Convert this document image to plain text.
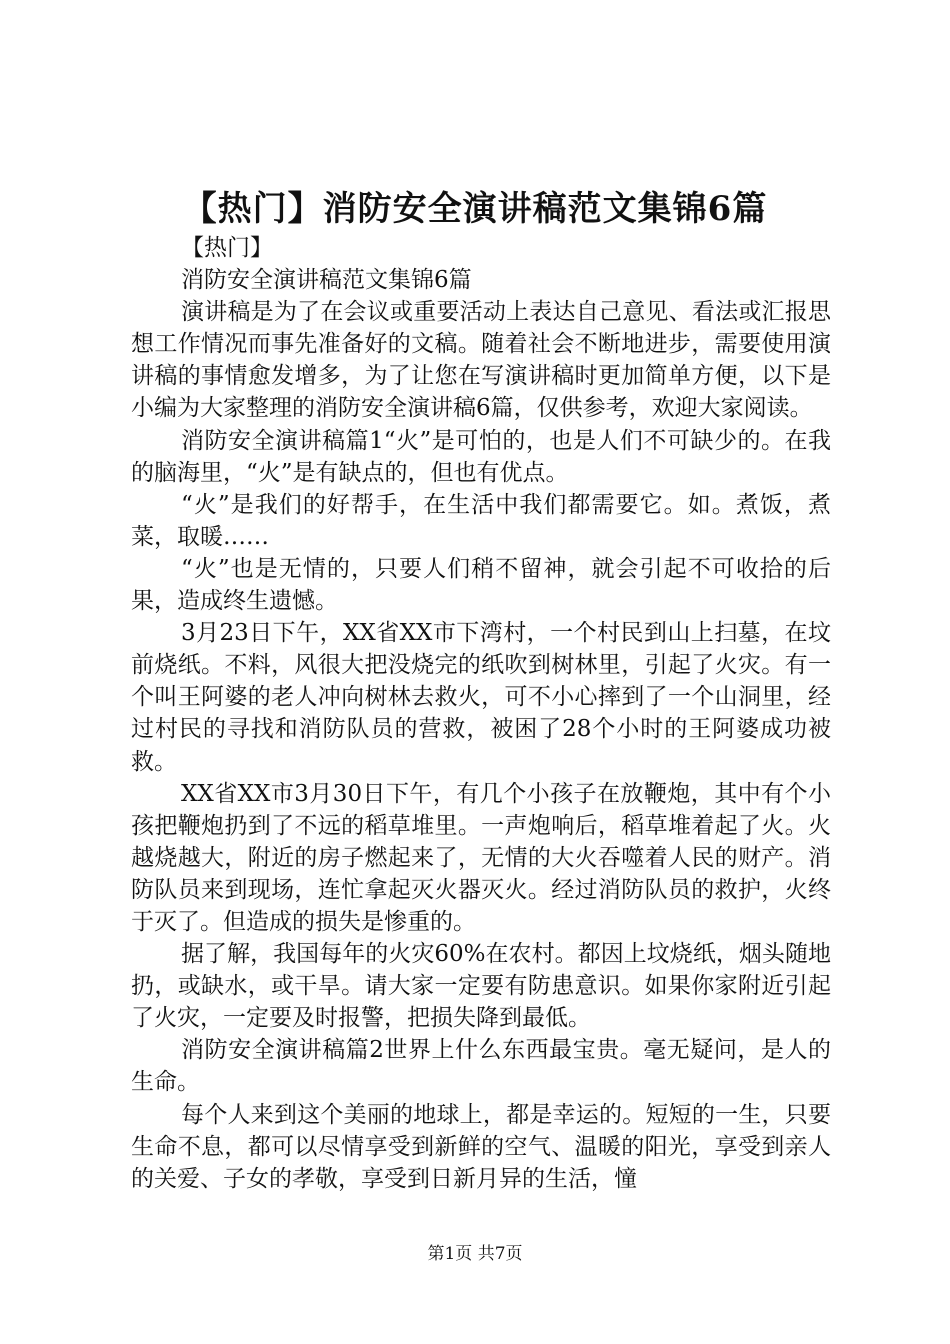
【热门】消防安全演讲稿范文集锦6篇

【热门】

消防安全演讲稿范文集锦6篇

演讲稿是为了在会议或重要活动上表达自己意见、看法或汇报思想工作情况而事先准备好的文稿。随着社会不断地进步，需要使用演讲稿的事情愈发增多，为了让您在写演讲稿时更加简单方便，以下是小编为大家整理的消防安全演讲稿6篇，仅供参考，欢迎大家阅读。

消防安全演讲稿篇1“火”是可怕的，也是人们不可缺少的。在我的脑海里，“火”是有缺点的，但也有优点。

“火”是我们的好帮手，在生活中我们都需要它。如。煮饭，煮菜，取暖……

“火”也是无情的，只要人们稍不留神，就会引起不可收拾的后果，造成终生遗憾。

3月23日下午，XX省XX市下湾村，一个村民到山上扫墓，在坟前烧纸。不料，风很大把没烧完的纸吹到树林里，引起了火灾。有一个叫王阿婆的老人冲向树林去救火，可不小心摔到了一个山洞里，经过村民的寻找和消防队员的营救，被困了28个小时的王阿婆成功被救。

XX省XX市3月30日下午，有几个小孩子在放鞭炮，其中有个小孩把鞭炮扔到了不远的稻草堆里。一声炮响后，稻草堆着起了火。火越烧越大，附近的房子燃起来了，无情的大火吞噬着人民的财产。消防队员来到现场，连忙拿起灭火器灭火。经过消防队员的救护，火终于灭了。但造成的损失是惨重的。

据了解，我国每年的火灾60%在农村。都因上坟烧纸，烟头随地扔，或缺水，或干旱。请大家一定要有防患意识。如果你家附近引起了火灾，一定要及时报警，把损失降到最低。

消防安全演讲稿篇2世界上什么东西最宝贵。毫无疑问，是人的生命。

每个人来到这个美丽的地球上，都是幸运的。短短的一生，只要生命不息，都可以尽情享受到新鲜的空气、温暖的阳光，享受到亲人的关爱、子女的孝敬，享受到日新月异的生活，憧

第1页 共7页
